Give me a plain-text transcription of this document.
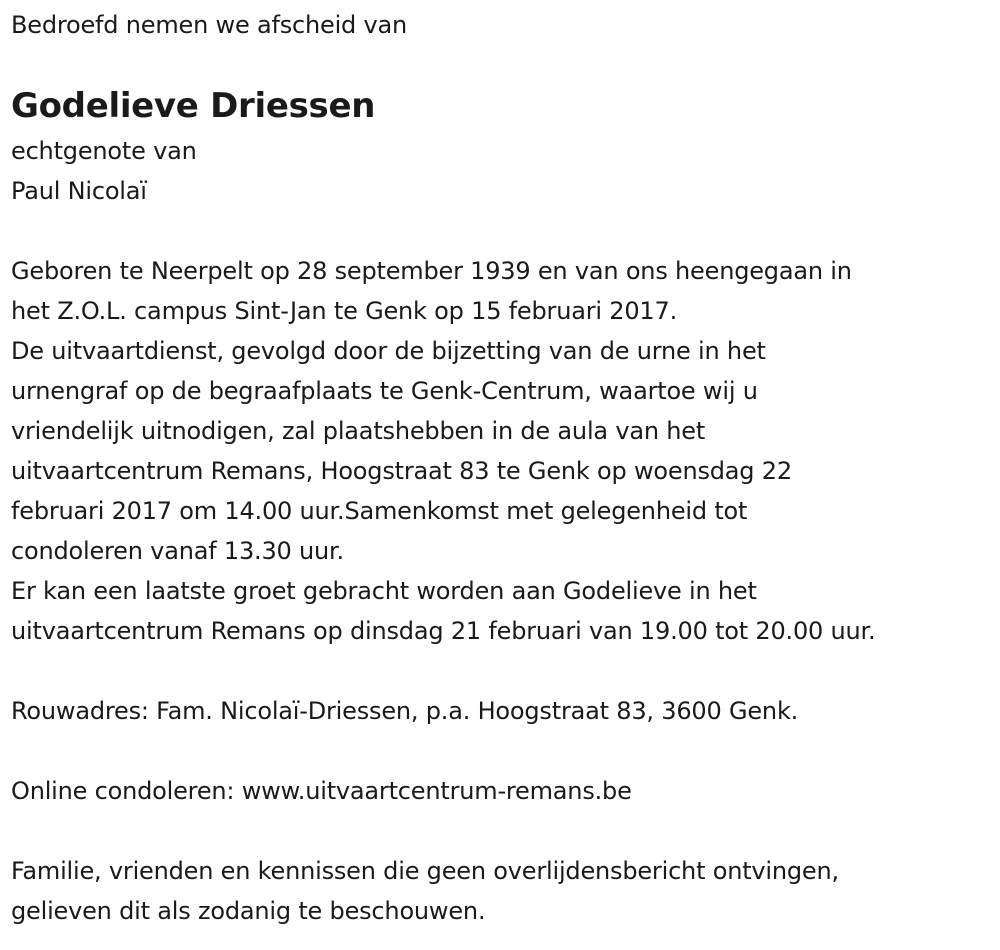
Bedroefd nemen we afscheid van
Godelieve Driessen
echtgenote van
Paul Nicolaï
Geboren te Neerpelt op 28 september 1939 en van ons heengegaan in
het Z.O.L. campus Sint-Jan te Genk op 15 februari 2017.
De uitvaartdienst, gevolgd door de bijzetting van de urne in het
urnengraf op de begraafplaats te Genk-Centrum, waartoe wij u
vriendelijk uitnodigen, zal plaatshebben in de aula van het
uitvaartcentrum Remans, Hoogstraat 83 te Genk op woensdag 22
februari 2017 om 14.00 uur.Samenkomst met gelegenheid tot
condoleren vanaf 13.30 uur.
Er kan een laatste groet gebracht worden aan Godelieve in het
uitvaartcentrum Remans op dinsdag 21 februari van 19.00 tot 20.00 uur.
Rouwadres: Fam. Nicolaï-Driessen, p.a. Hoogstraat 83, 3600 Genk.
Online condoleren: www.uitvaartcentrum-remans.be
Familie, vrienden en kennissen die geen overlijdensbericht ontvingen,
gelieven dit als zodanig te beschouwen.
